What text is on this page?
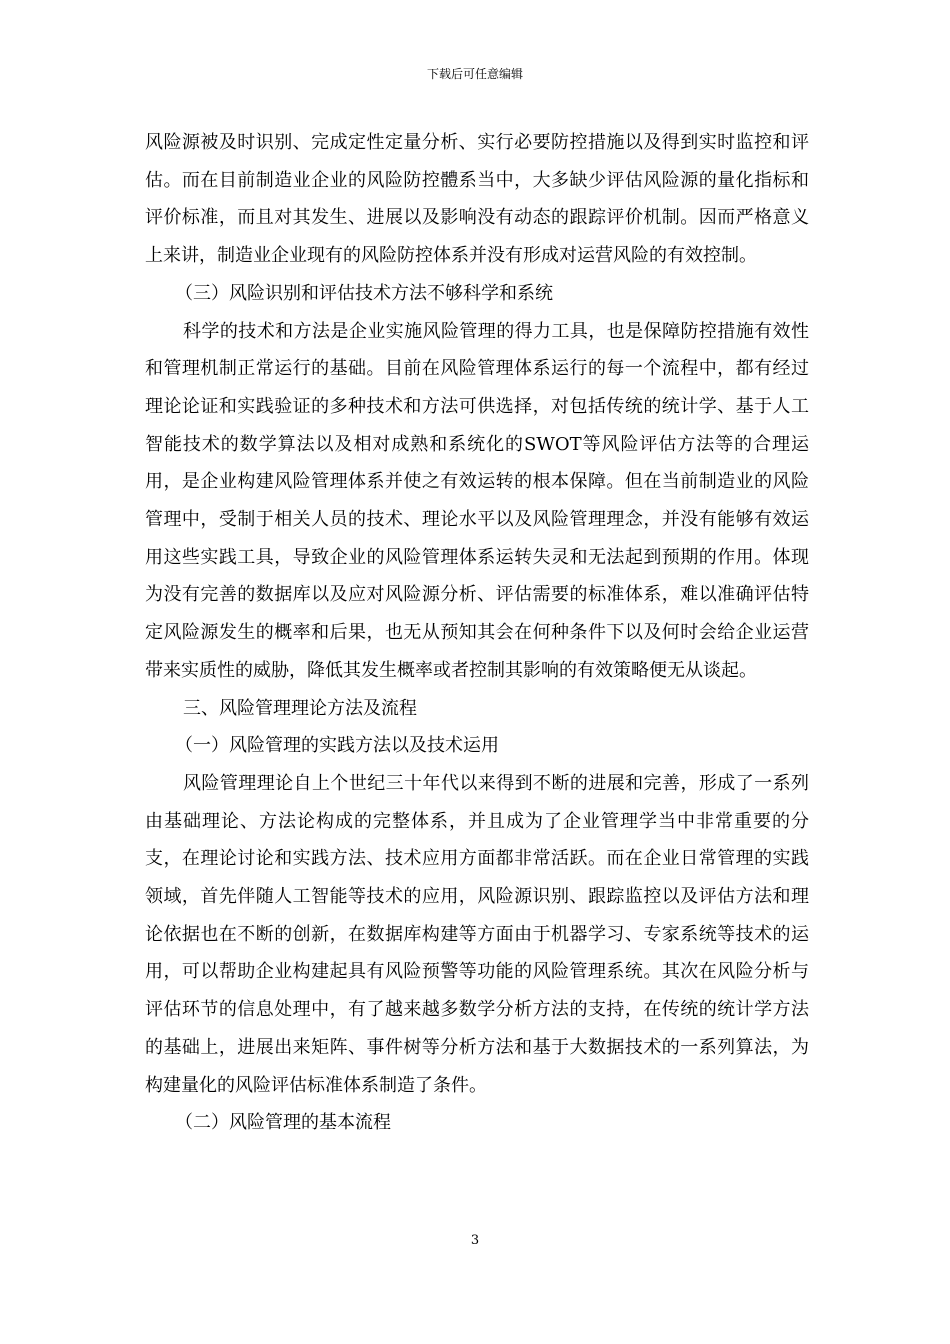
下载后可任意编辑

风险源被及时识别、完成定性定量分析、实行必要防控措施以及得到实时监控和评估。而在目前制造业企业的风险防控體系当中，大多缺少评估风险源的量化指标和评价标准，而且对其发生、进展以及影响没有动态的跟踪评价机制。因而严格意义上来讲，制造业企业现有的风险防控体系并没有形成对运营风险的有效控制。

（三）风险识别和评估技术方法不够科学和系统

科学的技术和方法是企业实施风险管理的得力工具，也是保障防控措施有效性和管理机制正常运行的基础。目前在风险管理体系运行的每一个流程中，都有经过理论论证和实践验证的多种技术和方法可供选择，对包括传统的统计学、基于人工智能技术的数学算法以及相对成熟和系统化的SWOT等风险评估方法等的合理运用，是企业构建风险管理体系并使之有效运转的根本保障。但在当前制造业的风险管理中，受制于相关人员的技术、理论水平以及风险管理理念，并没有能够有效运用这些实践工具，导致企业的风险管理体系运转失灵和无法起到预期的作用。体现为没有完善的数据库以及应对风险源分析、评估需要的标准体系，难以准确评估特定风险源发生的概率和后果，也无从预知其会在何种条件下以及何时会给企业运营带来实质性的威胁，降低其发生概率或者控制其影响的有效策略便无从谈起。

三、风险管理理论方法及流程

（一）风险管理的实践方法以及技术运用

风险管理理论自上个世纪三十年代以来得到不断的进展和完善，形成了一系列由基础理论、方法论构成的完整体系，并且成为了企业管理学当中非常重要的分支，在理论讨论和实践方法、技术应用方面都非常活跃。而在企业日常管理的实践领域，首先伴随人工智能等技术的应用，风险源识别、跟踪监控以及评估方法和理论依据也在不断的创新，在数据库构建等方面由于机器学习、专家系统等技术的运用，可以帮助企业构建起具有风险预警等功能的风险管理系统。其次在风险分析与评估环节的信息处理中，有了越来越多数学分析方法的支持，在传统的统计学方法的基础上，进展出来矩阵、事件树等分析方法和基于大数据技术的一系列算法，为构建量化的风险评估标准体系制造了条件。

（二）风险管理的基本流程

3
